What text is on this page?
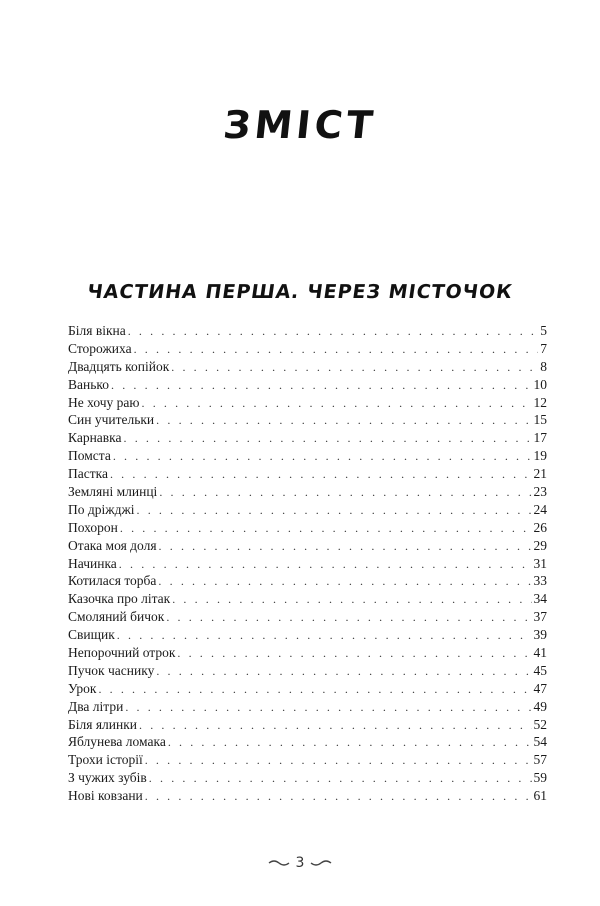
ЗМІСТ
ЧАСТИНА ПЕРША. ЧЕРЕЗ МІСТОЧОК
Біля вікна . . .	5
Сторожиха . . .	7
Двадцять копійок . . .	8
Ванько . . .	10
Не хочу раю . . .	12
Син учительки . . .	15
Карнавка . . .	17
Помста . . .	19
Пастка . . .	21
Земляні млинці . . .	23
По дріжджі . . .	24
Похорон . . .	26
Отака моя доля . . .	29
Начинка . . .	31
Котилася торба . . .	33
Казочка про літак . . .	34
Смоляний бичок . . .	37
Свищик . . .	39
Непорочний отрок . . .	41
Пучок часнику . . .	45
Урок . . .	47
Два літри . . .	49
Біля ялинки . . .	52
Яблунева ломака . . .	54
Трохи історії . . .	57
З чужих зубів . . .	59
Нові ковзани . . .	61
3
